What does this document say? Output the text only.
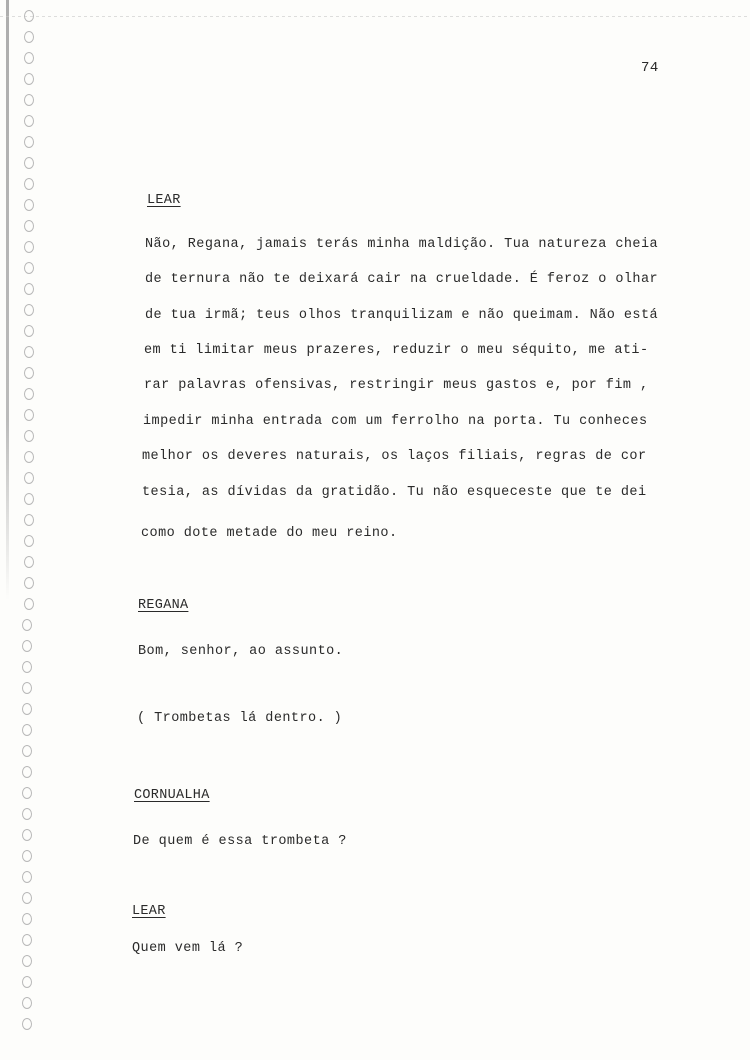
74
LEAR
Não, Regana, jamais terás minha maldição. Tua natureza cheia
de ternura não te deixará cair na crueldade. É feroz o olhar
de tua irmã; teus olhos tranquilizam e não queimam. Não está
em ti limitar meus prazeres, reduzir o meu séquito, me ati-
rar palavras ofensivas, restringir meus gastos e, por fim ,
impedir minha entrada com um ferrolho na porta. Tu conheces
melhor os deveres naturais, os laços filiais, regras de cor
tesia, as dívidas da gratidão. Tu não esqueceste que te dei
como dote metade do meu reino.
REGANA
Bom, senhor, ao assunto.
( Trombetas lá dentro. )
CORNUALHA
De quem é essa trombeta ?
LEAR
Quem vem lá ?
